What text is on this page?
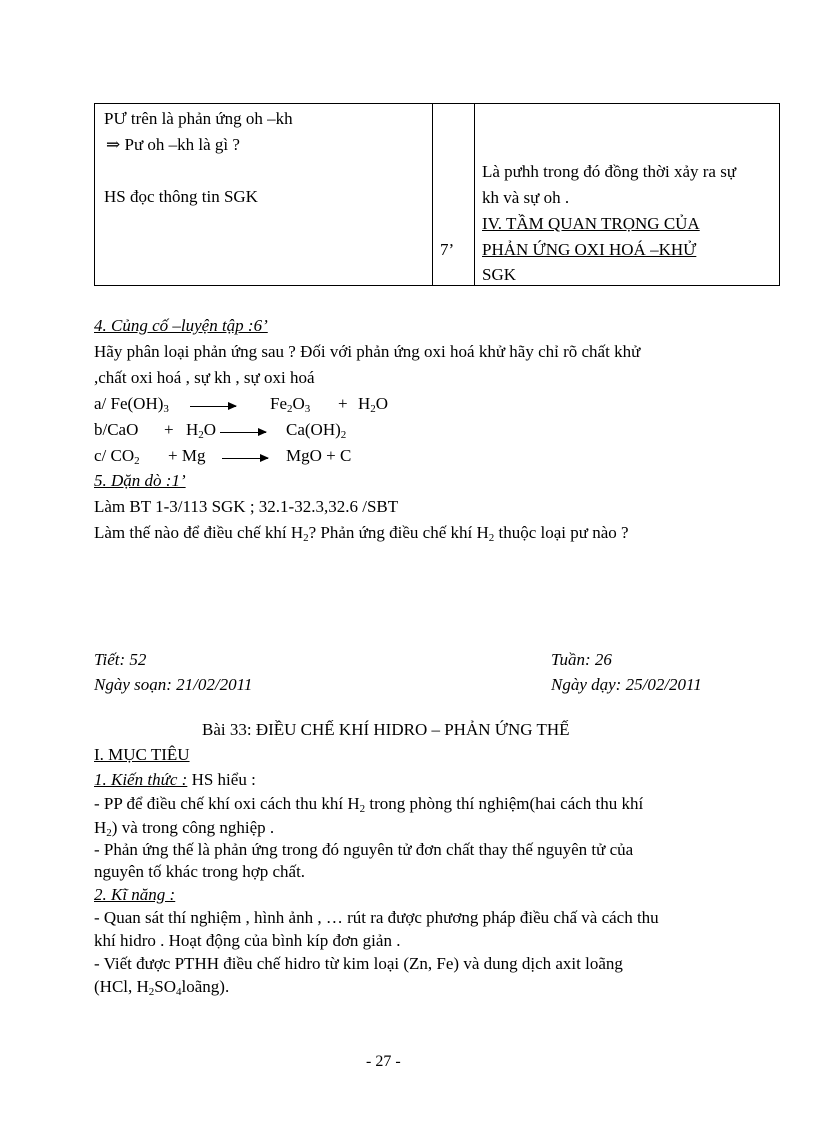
PƯ trên là phản ứng oh –kh
⇒ Pư oh –kh là gì ?
HS đọc thông tin SGK
7’
Là pưhh trong đó đồng thời xảy ra sự
kh và sự oh .
IV. TẦM QUAN TRỌNG CỦA
PHẢN ỨNG OXI HOÁ –KHỬ
SGK
4. Củng cố –luyện tập :6’
Hãy phân loại phản ứng sau ? Đối với phản ứng oxi hoá khử hãy chỉ rõ chất khử
,chất oxi hoá , sự kh , sự oxi hoá
a/ $Fe(OH)_3 \to Fe_2O_3 + H_2O$
$b/CaO + H_2O \to Ca(OH)_2$
c/ $CO_2 + Mg$ → MgO + C
5. Dặn dò :1’
Làm BT 1-3/113 SGK ; 32.1-32.3,32.6 /SBT
Làm thế nào để điều chế khí $H_2$? Phản ứng điều chế khí $H_2$ thuộc loại pư nào ?
Tiết: 52
Ngày soạn: 21/02/2011
Tuần: 26
Ngày dạy: 25/02/2011
Bài 33: ĐIỀU CHẾ KHÍ HIDRO – PHẢN ỨNG THẾ
I. MỤC TIÊU
1. Kiến thức : HS hiểu :
- PP để điều chế khí oxi cách thu khí $H_2$ trong phòng thí nghiệm(hai cách thu khí
$H_2$) và trong công nghiệp .
- Phản ứng thế là phản ứng trong đó nguyên tử đơn chất thay thế nguyên tử của
nguyên tố khác trong hợp chất.
2. Kĩ năng :
- Quan sát thí nghiệm , hình ảnh , … rút ra được phương pháp điều chấ và cách thu
khí hidro . Hoạt động của bình kíp đơn giản .
- Viết được PTHH điều chế hidro từ kim loại (Zn, Fe) và dung dịch axit loãng
(HCl, $H_2SO_4loãng$).
- 27 -
